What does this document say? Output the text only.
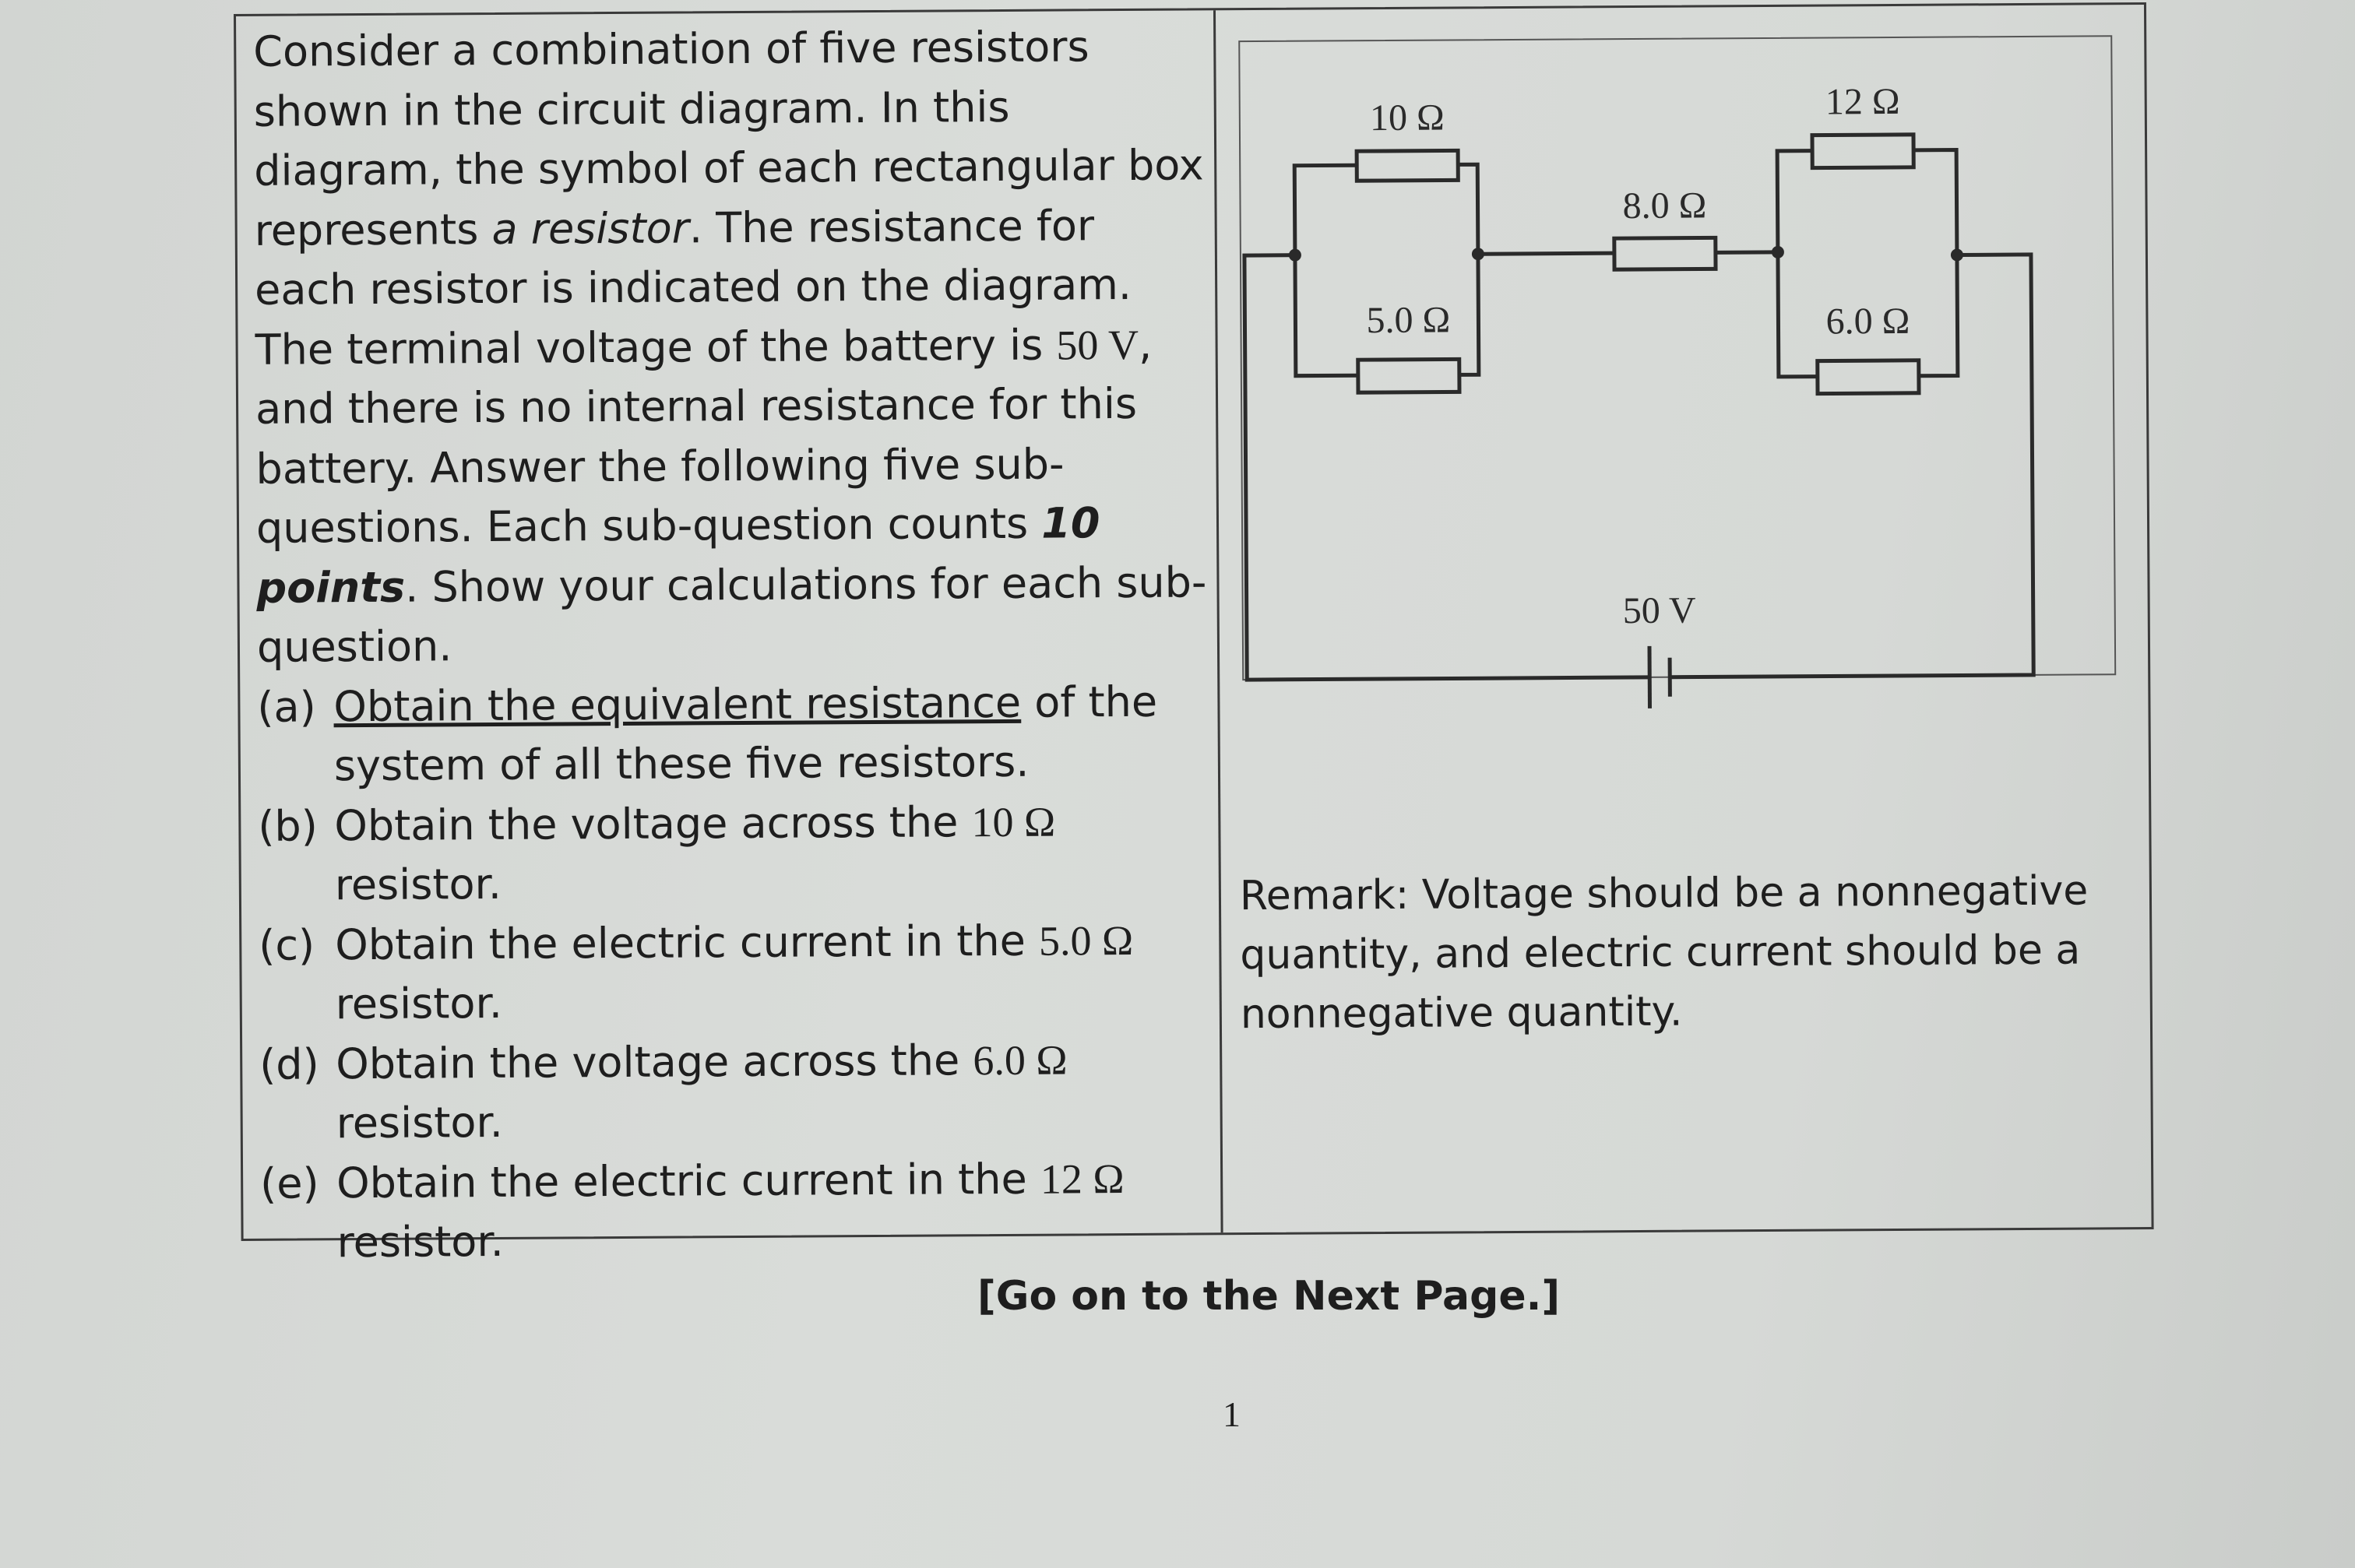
Consider a combination of five resistors shown in the circuit diagram. In this diagram, the symbol of each rectangular box represents a resistor. The resistance for each resistor is indicated on the diagram. The terminal voltage of the battery is 50 V, and there is no internal resistance for this battery. Answer the following five sub-questions. Each sub-question counts 10 points. Show your calculations for each sub-question.

(a) Obtain the equivalent resistance of the system of all these five resistors.

(b) Obtain the voltage across the 10 Ω resistor.

(c) Obtain the electric current in the 5.0 Ω resistor.

(d) Obtain the voltage across the 6.0 Ω resistor.

(e) Obtain the electric current in the 12 Ω resistor.

10 Ω
5.0 Ω
8.0 Ω
12 Ω
6.0 Ω
50 V

Remark: Voltage should be a nonnegative quantity, and electric current should be a nonnegative quantity.

[Go on to the Next Page.]
1
